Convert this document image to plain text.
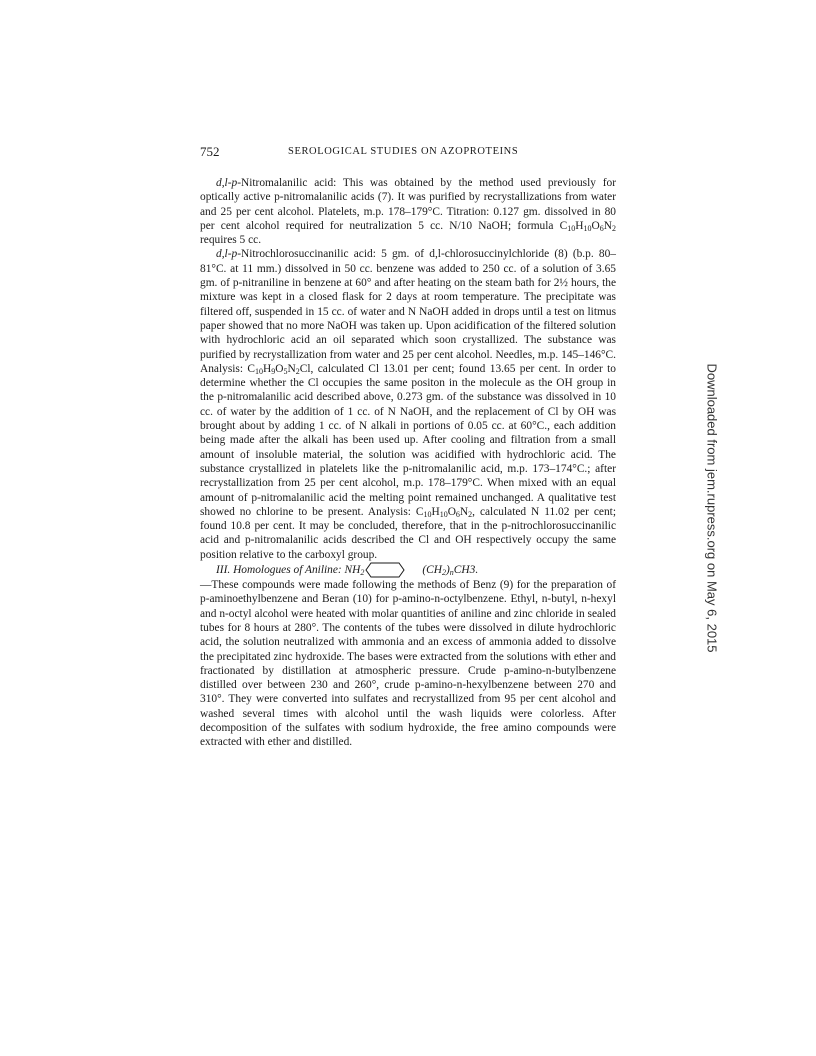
752	SEROLOGICAL STUDIES ON AZOPROTEINS

d,l-p-Nitromalanilic acid: This was obtained by the method used previously for optically active p-nitromalanilic acids (7). It was purified by recrystallizations from water and 25 per cent alcohol. Platelets, m.p. 178–179°C. Titration: 0.127 gm. dissolved in 80 per cent alcohol required for neutralization 5 cc. N/10 NaOH; formula $C_{10}H_{10}O_6N_2$ requires 5 cc.

d,l-p-Nitrochlorosuccinanilic acid: 5 gm. of d,l-chlorosuccinylchloride (8) (b.p. 80–81°C. at 11 mm.) dissolved in 50 cc. benzene was added to 250 cc. of a solution of 3.65 gm. of p-nitraniline in benzene at 60° and after heating on the steam bath for 2½ hours, the mixture was kept in a closed flask for 2 days at room temperature. The precipitate was filtered off, suspended in 15 cc. of water and N NaOH added in drops until a test on litmus paper showed that no more NaOH was taken up. Upon acidification of the filtered solution with hydrochloric acid an oil separated which soon crystallized. The substance was purified by recrystallization from water and 25 per cent alcohol. Needles, m.p. 145–146°C. Analysis: $C_{10}H_9O_5N_2Cl$, calculated Cl 13.01 per cent; found 13.65 per cent. In order to determine whether the Cl occupies the same positon in the molecule as the OH group in the p-nitromalanilic acid described above, 0.273 gm. of the substance was dissolved in 10 cc. of water by the addition of 1 cc. of N NaOH, and the replacement of Cl by OH was brought about by adding 1 cc. of N alkali in portions of 0.05 cc. at 60°C., each addition being made after the alkali has been used up. After cooling and filtration from a small amount of insoluble material, the solution was acidified with hydrochloric acid. The substance crystallized in platelets like the p-nitromalanilic acid, m.p. 173–174°C.; after recrystallization from 25 per cent alcohol, m.p. 178–179°C. When mixed with an equal amount of p-nitromalanilic acid the melting point remained unchanged. A qualitative test showed no chlorine to be present. Analysis: $C_{10}H_{10}O_6N_2$, calculated N 11.02 per cent; found 10.8 per cent. It may be concluded, therefore, that in the p-nitrochlorosuccinanilic acid and p-nitromalanilic acids described the Cl and OH respectively occupy the same position relative to the carboxyl group.

III. Homologues of Aniline: $NH_2$	$(CH_2)_nCH3$.
—These compounds were made following the methods of Benz (9) for the preparation of p-aminoethylbenzene and Beran (10) for p-amino-n-octylbenzene. Ethyl, n-butyl, n-hexyl and n-octyl alcohol were heated with molar quantities of aniline and zinc chloride in sealed tubes for 8 hours at 280°. The contents of the tubes were dissolved in dilute hydrochloric acid, the solution neutralized with ammonia and an excess of ammonia added to dissolve the precipitated zinc hydroxide. The bases were extracted from the solutions with ether and fractionated by distillation at atmospheric pressure. Crude p-amino-n-butylbenzene distilled over between 230 and 260°, crude p-amino-n-hexylbenzene between 270 and 310°. They were converted into sulfates and recrystallized from 95 per cent alcohol and washed several times with alcohol until the wash liquids were colorless. After decomposition of the sulfates with sodium hydroxide, the free amino compounds were extracted with ether and distilled.

Downloaded from jem.rupress.org on May 6, 2015
